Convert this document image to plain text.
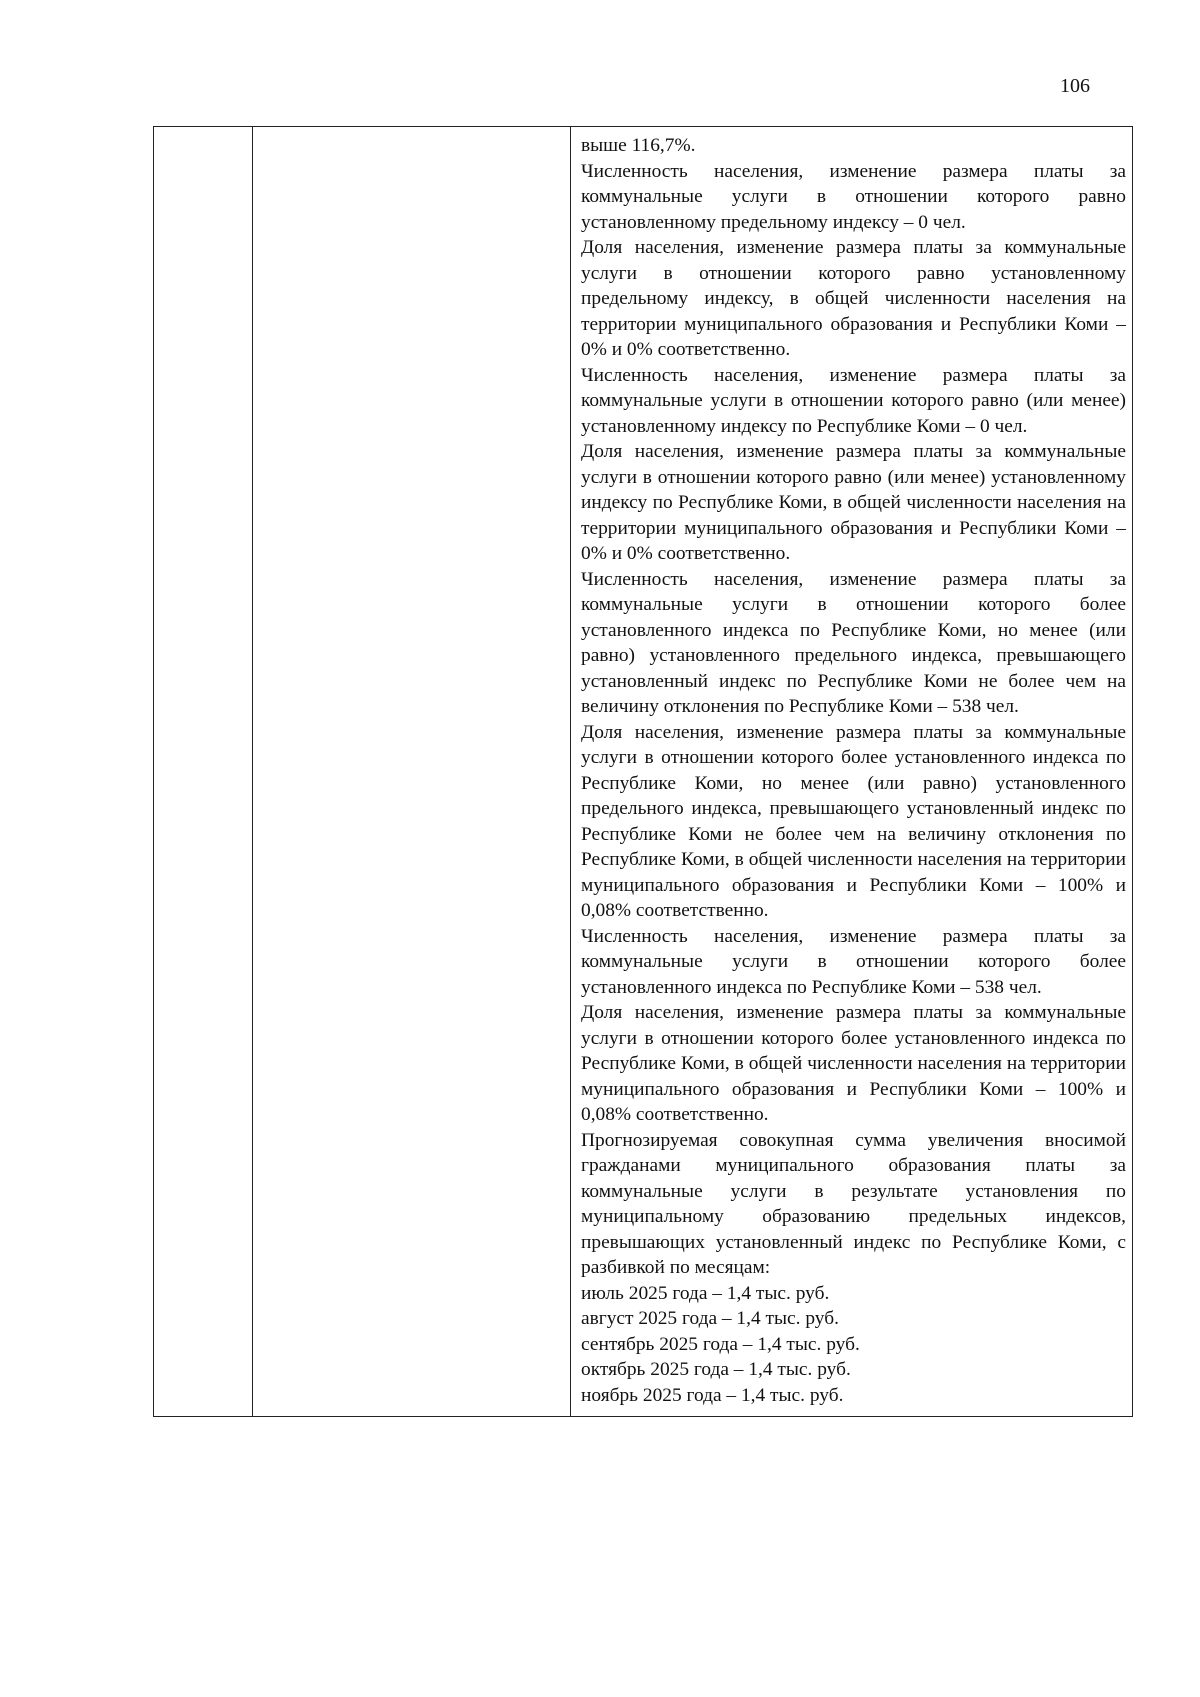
106

выше 116,7%.

Численность населения, изменение размера платы за коммунальные услуги в отношении которого равно установленному предельному индексу – 0 чел.

Доля населения, изменение размера платы за коммунальные услуги в отношении которого равно установленному предельному индексу, в общей численности населения на территории муниципального образования и Республики Коми – 0% и 0% соответственно.

Численность населения, изменение размера платы за коммунальные услуги в отношении которого равно (или менее) установленному индексу по Республике Коми – 0 чел.

Доля населения, изменение размера платы за коммунальные услуги в отношении которого равно (или менее) установленному индексу по Республике Коми, в общей численности населения на территории муниципального образования и Республики Коми – 0% и 0% соответственно.

Численность населения, изменение размера платы за коммунальные услуги в отношении которого более установленного индекса по Республике Коми, но менее (или равно) установленного предельного индекса, превышающего установленный индекс по Республике Коми не более чем на величину отклонения по Республике Коми – 538 чел.

Доля населения, изменение размера платы за коммунальные услуги в отношении которого более установленного индекса по Республике Коми, но менее (или равно) установленного предельного индекса, превышающего установленный индекс по Республике Коми не более чем на величину отклонения по Республике Коми, в общей численности населения на территории муниципального образования и Республики Коми – 100% и 0,08% соответственно.

Численность населения, изменение размера платы за коммунальные услуги в отношении которого более установленного индекса по Республике Коми – 538 чел.

Доля населения, изменение размера платы за коммунальные услуги в отношении которого более установленного индекса по Республике Коми, в общей численности населения на территории муниципального образования и Республики Коми – 100% и 0,08% соответственно.

Прогнозируемая совокупная сумма увеличения вносимой гражданами муниципального образования платы за коммунальные услуги в результате установления по муниципальному образованию предельных индексов, превышающих установленный индекс по Республике Коми, с разбивкой по месяцам:

июль 2025 года – 1,4 тыс. руб.

август 2025 года – 1,4 тыс. руб.

сентябрь 2025 года – 1,4 тыс. руб.

октябрь 2025 года – 1,4 тыс. руб.

ноябрь 2025 года – 1,4 тыс. руб.
